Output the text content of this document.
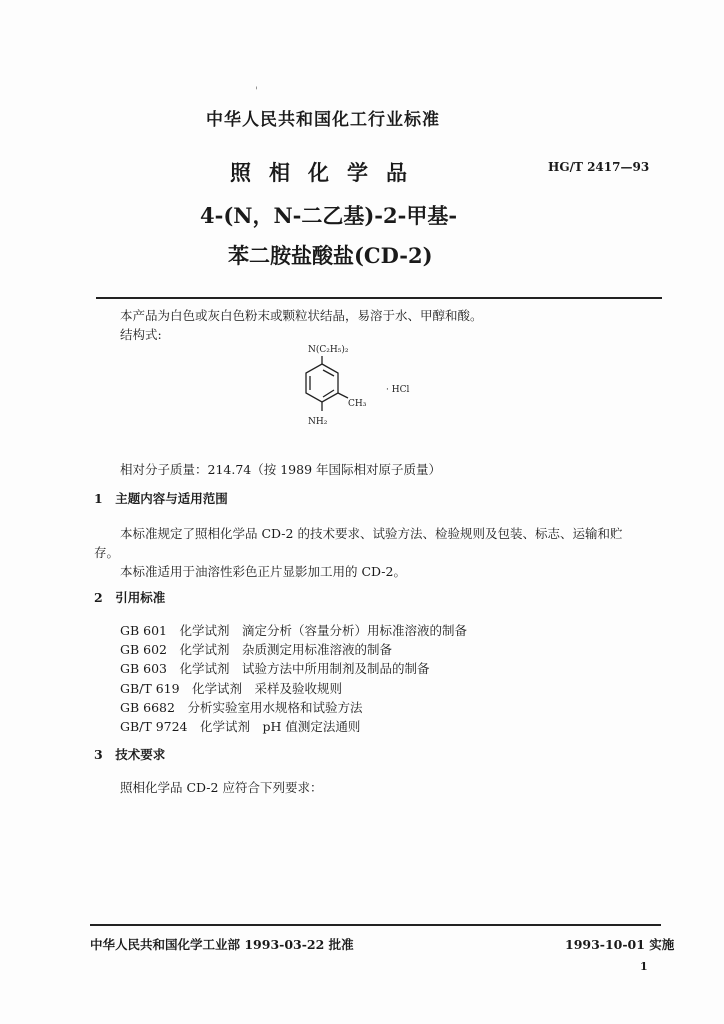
'
中华人民共和国化工行业标准
照相化学品	HG/T 2417—93
4-(N，N-二乙基)-2-甲基-
苯二胺盐酸盐(CD-2)
本产品为白色或灰白色粉末或颗粒状结晶，易溶于水、甲醇和酸。
结构式:
N(C₂H₅)₂
CH₃
NH₂
· HCl
相对分子质量：214.74（按 1989 年国际相对原子质量）
1　主题内容与适用范围
本标准规定了照相化学品 CD-2 的技术要求、试验方法、检验规则及包装、标志、运输和贮
存。
本标准适用于油溶性彩色正片显影加工用的 CD-2。
2　引用标准
GB 601　化学试剂　滴定分析（容量分析）用标准溶液的制备
GB 602　化学试剂　杂质测定用标准溶液的制备
GB 603　化学试剂　试验方法中所用制剂及制品的制备
GB/T 619　化学试剂　采样及验收规则
GB 6682　分析实验室用水规格和试验方法
GB/T 9724　化学试剂　pH 值测定法通则
3　技术要求
照相化学品 CD-2 应符合下列要求：
中华人民共和国化学工业部 1993-03-22 批准	1993-10-01 实施
1
